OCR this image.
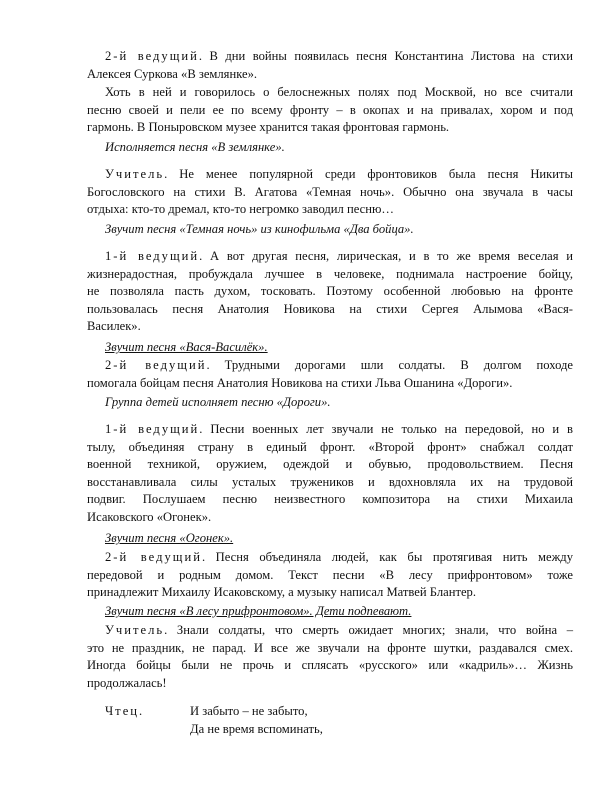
2-й ведущий. В дни войны появилась песня Константина Листова на стихи
Алексея Суркова «В землянке».

Хоть в ней и говорилось о белоснежных полях под Москвой, но все считали
песню своей и пели ее по всему фронту – в окопах и на привалах, хором и под
гармонь. В Поныровском музее хранится такая фронтовая гармонь.

Исполняется песня «В землянке».

Учитель. Не менее популярной среди фронтовиков была песня Никиты
Богословского на стихи В. Агатова «Темная ночь». Обычно она звучала в часы
отдыха: кто-то дремал, кто-то негромко заводил песню…

Звучит песня «Темная ночь» из кинофильма «Два бойца».

1-й ведущий. А вот другая песня, лирическая, и в то же время веселая и
жизнерадостная, пробуждала лучшее в человеке, поднимала настроение бойцу,
не позволяла пасть духом, тосковать. Поэтому особенной любовью на фронте
пользовалась песня Анатолия Новикова на стихи Сергея Алымова «Вася-
Василек».

Звучит песня «Вася-Василёк».

2-й ведущий. Трудными дорогами шли солдаты. В долгом походе
помогала бойцам песня Анатолия Новикова на стихи Льва Ошанина «Дороги».

Группа детей исполняет песню «Дороги».

1-й ведущий. Песни военных лет звучали не только на передовой, но и в
тылу, объединяя страну в единый фронт. «Второй фронт» снабжал солдат
военной техникой, оружием, одеждой и обувью, продовольствием. Песня
восстанавливала силы усталых тружеников и вдохновляла их на трудовой
подвиг. Послушаем песню неизвестного композитора на стихи Михаила
Исаковского «Огонек».

Звучит песня «Огонек».

2-й ведущий. Песня объединяла людей, как бы протягивая нить между
передовой и родным домом. Текст песни «В лесу прифронтовом» тоже
принадлежит Михаилу Исаковскому, а музыку написал Матвей Блантер.

Звучит песня «В лесу прифронтовом». Дети подпевают.

Учитель. Знали солдаты, что смерть ожидает многих; знали, что война –
это не праздник, не парад. И все же звучали на фронте шутки, раздавался смех.
Иногда бойцы были не прочь и сплясать «русского» или «кадриль»… Жизнь
продолжалась!

Чтец.	И забыто – не забыто,

Да не время вспоминать,
